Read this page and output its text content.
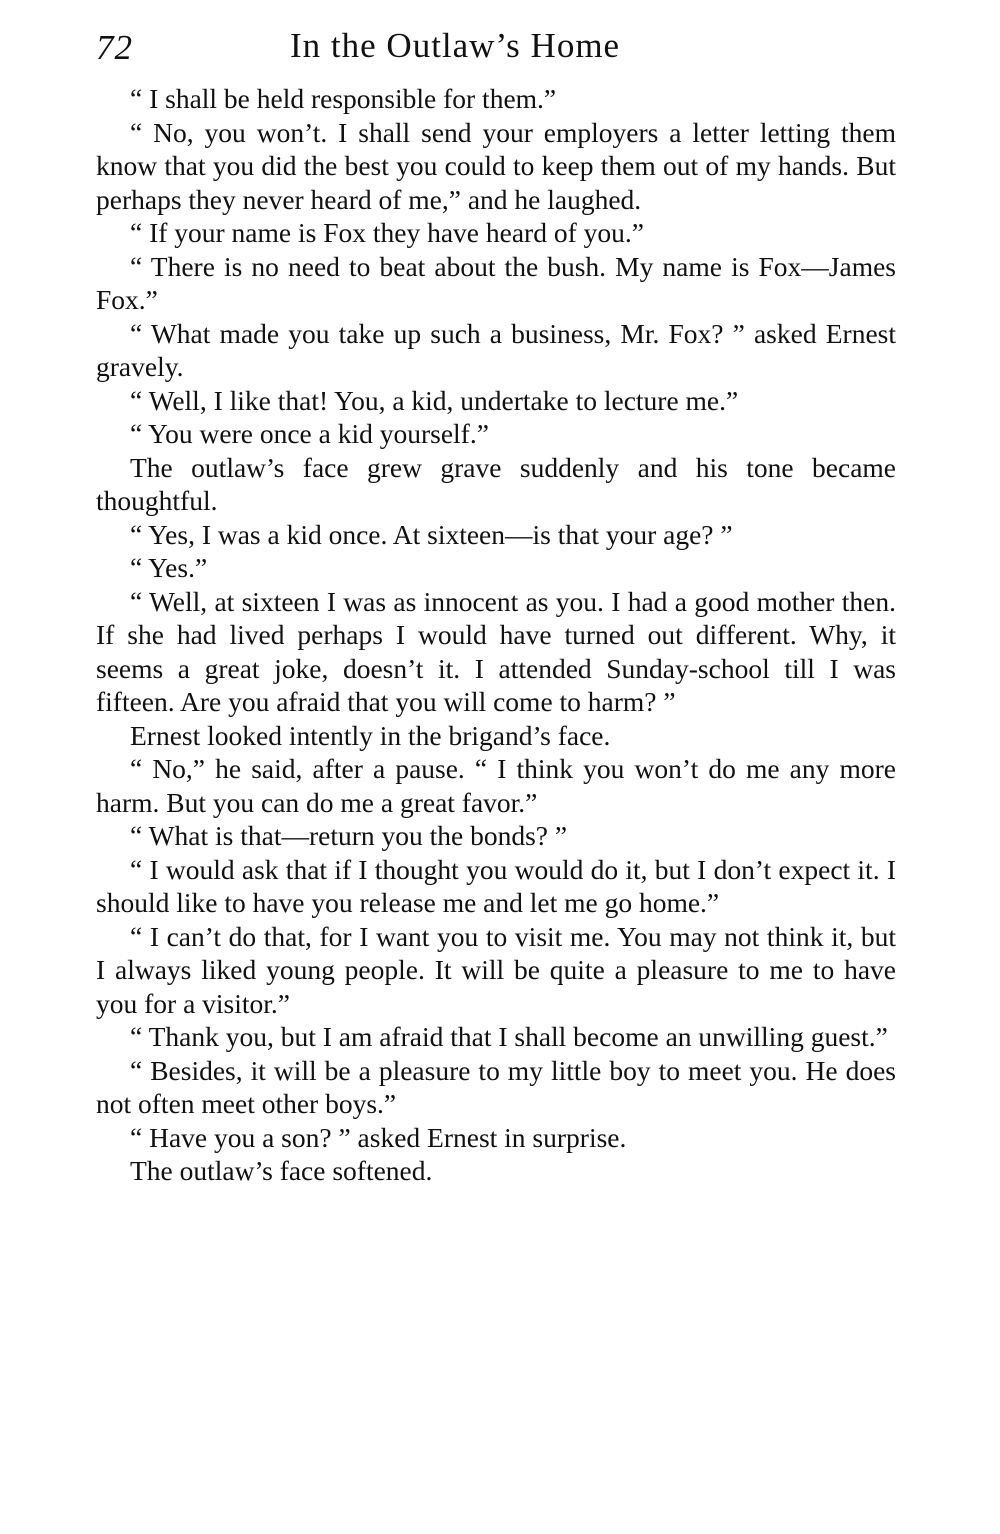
72	In the Outlaw’s Home

“ I shall be held responsible for them.”

“ No, you won’t. I shall send your employers a letter letting them know that you did the best you could to keep them out of my hands. But perhaps they never heard of me,” and he laughed.

“ If your name is Fox they have heard of you.”

“ There is no need to beat about the bush. My name is Fox—James Fox.”

“ What made you take up such a business, Mr. Fox? ” asked Ernest gravely.

“ Well, I like that! You, a kid, undertake to lecture me.”

“ You were once a kid yourself.”

The outlaw’s face grew grave suddenly and his tone became thoughtful.

“ Yes, I was a kid once. At sixteen—is that your age? ”

“ Yes.”

“ Well, at sixteen I was as innocent as you. I had a good mother then. If she had lived perhaps I would have turned out different. Why, it seems a great joke, doesn’t it. I attended Sunday-school till I was fifteen. Are you afraid that you will come to harm? ”

Ernest looked intently in the brigand’s face.

“ No,” he said, after a pause. “ I think you won’t do me any more harm. But you can do me a great favor.”

“ What is that—return you the bonds? ”

“ I would ask that if I thought you would do it, but I don’t expect it. I should like to have you release me and let me go home.”

“ I can’t do that, for I want you to visit me. You may not think it, but I always liked young people. It will be quite a pleasure to me to have you for a visitor.”

“ Thank you, but I am afraid that I shall become an unwilling guest.”

“ Besides, it will be a pleasure to my little boy to meet you. He does not often meet other boys.”

“ Have you a son? ” asked Ernest in surprise.

The outlaw’s face softened.
